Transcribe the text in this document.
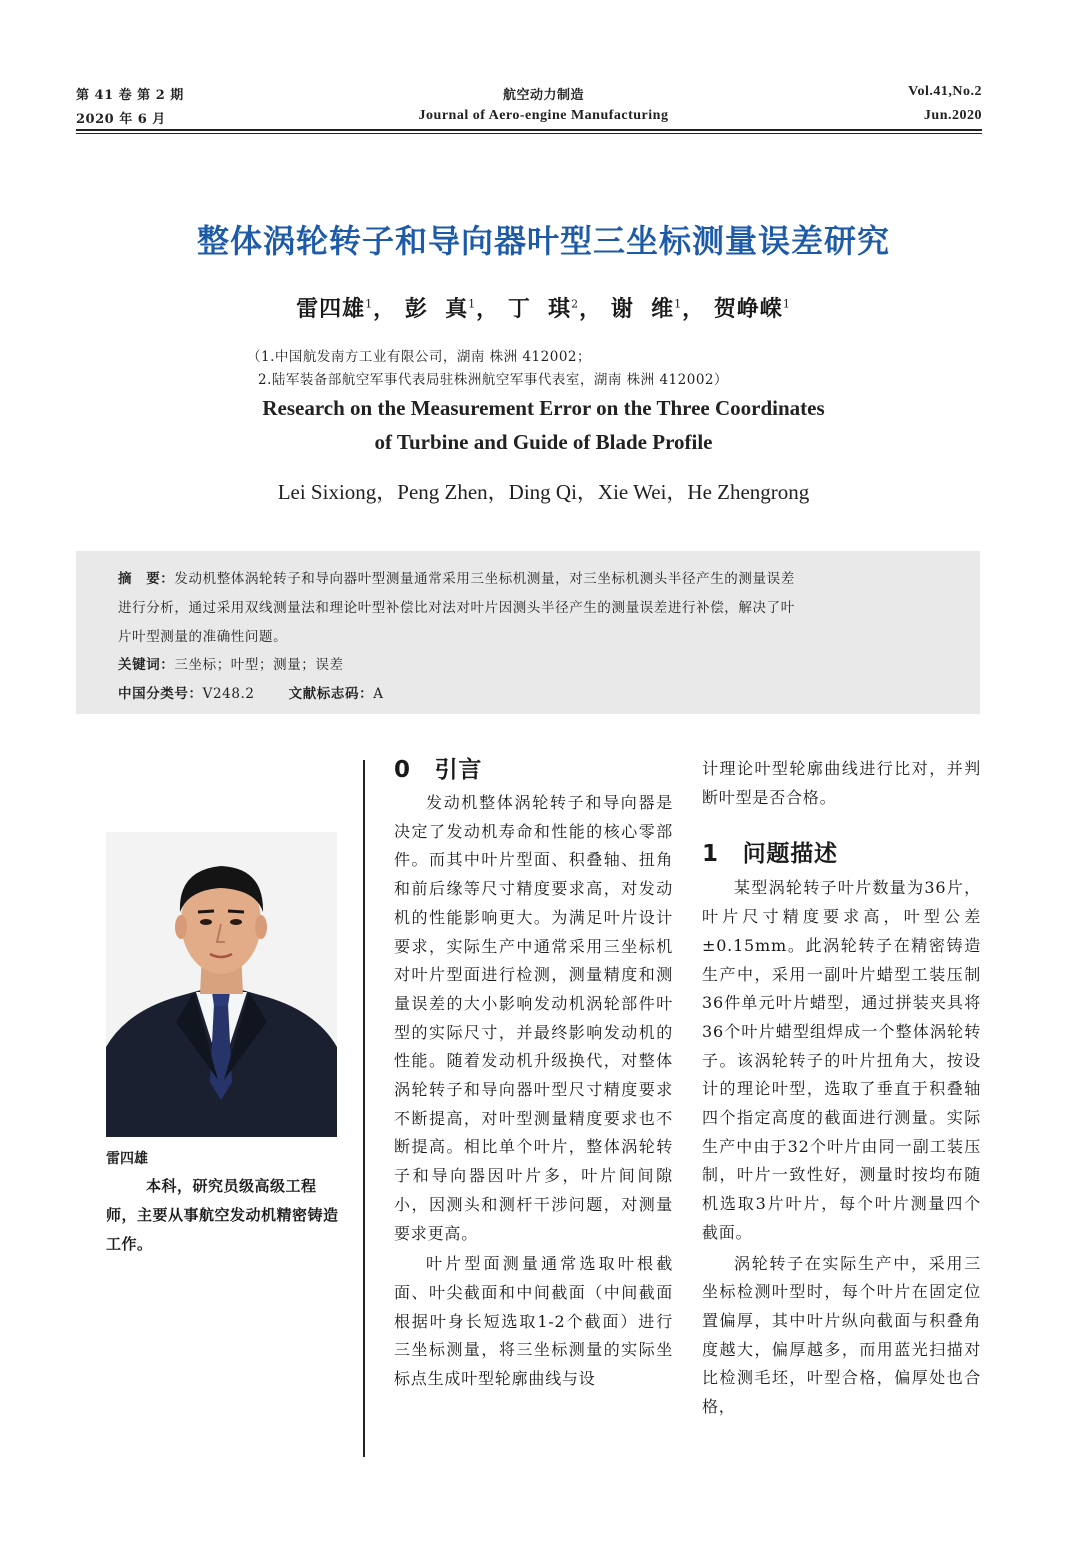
第 41 卷 第 2 期
2020 年 6 月
航空动力制造
Journal of Aero-engine Manufacturing
Vol.41,No.2
Jun.2020
整体涡轮转子和导向器叶型三坐标测量误差研究
雷四雄$^1$， 彭  真$^1$， 丁  琪$^2$， 谢  维$^1$， 贺峥嵘$^1$
（1.中国航发南方工业有限公司，湖南 株洲 412002；
2.陆军装备部航空军事代表局驻株洲航空军事代表室，湖南 株洲 412002）
Research on the Measurement Error on the Three Coordinates
of Turbine and Guide of Blade Profile
Lei Sixiong，Peng Zhen，Ding Qi，Xie Wei，He Zhengrong
摘　要：发动机整体涡轮转子和导向器叶型测量通常采用三坐标机测量，对三坐标机测头半径产生的测量误差
进行分析，通过采用双线测量法和理论叶型补偿比对法对叶片因测头半径产生的测量误差进行补偿，解决了叶
片叶型测量的准确性问题。
关键词：三坐标；叶型；测量；误差
中国分类号：V248.2	文献标志码：A
雷四雄
本科，研究员级高级工程师，主要从事航空发动机精密铸造工作。
0　引言

发动机整体涡轮转子和导向器是决定了发动机寿命和性能的核心零部件。而其中叶片型面、积叠轴、扭角和前后缘等尺寸精度要求高，对发动机的性能影响更大。为满足叶片设计要求，实际生产中通常采用三坐标机对叶片型面进行检测，测量精度和测量误差的大小影响发动机涡轮部件叶型的实际尺寸，并最终影响发动机的性能。随着发动机升级换代，对整体涡轮转子和导向器叶型尺寸精度要求不断提高，对叶型测量精度要求也不断提高。相比单个叶片，整体涡轮转子和导向器因叶片多，叶片间间隙小，因测头和测杆干涉问题，对测量要求更高。

叶片型面测量通常选取叶根截面、叶尖截面和中间截面（中间截面根据叶身长短选取1-2个截面）进行三坐标测量，将三坐标测量的实际坐标点生成叶型轮廓曲线与设

计理论叶型轮廓曲线进行比对，并判断叶型是否合格。
1　问题描述

某型涡轮转子叶片数量为36片，叶片尺寸精度要求高，叶型公差±0.15mm。此涡轮转子在精密铸造生产中，采用一副叶片蜡型工装压制36件单元叶片蜡型，通过拼装夹具将36个叶片蜡型组焊成一个整体涡轮转子。该涡轮转子的叶片扭角大，按设计的理论叶型，选取了垂直于积叠轴四个指定高度的截面进行测量。实际生产中由于32个叶片由同一副工装压制，叶片一致性好，测量时按均布随机选取3片叶片，每个叶片测量四个截面。

涡轮转子在实际生产中，采用三坐标检测叶型时，每个叶片在固定位置偏厚，其中叶片纵向截面与积叠角度越大，偏厚越多，而用蓝光扫描对比检测毛坯，叶型合格，偏厚处也合格，
